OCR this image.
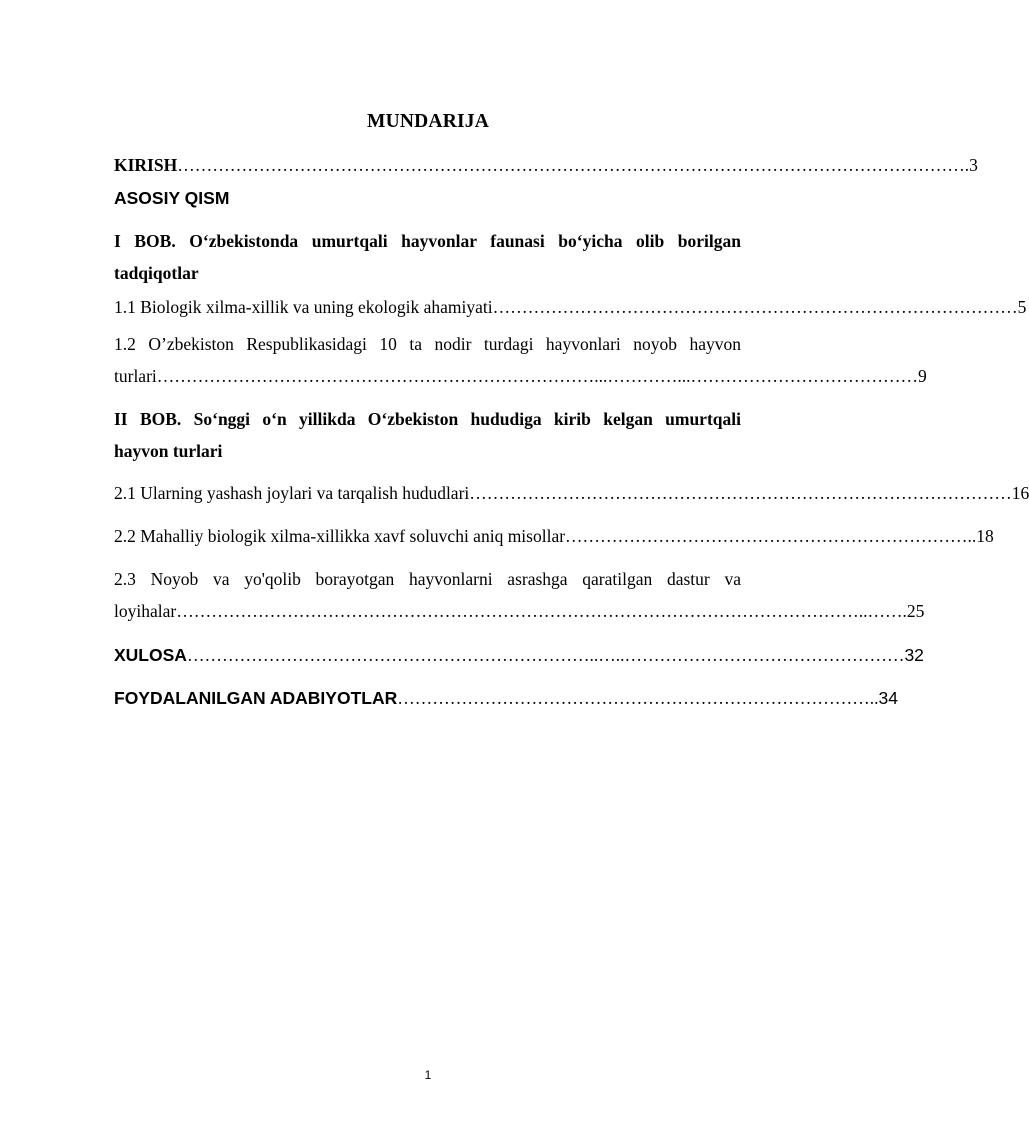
MUNDARIJA
KIRISH ………………………………………………………………………………………………………………………. 3
ASOSIY QISM
I BOB. O‘zbekistonda umurtqali hayvonlar faunasi bo‘yicha olib borilgan
tadqiqotlar
1.1 Biologik xilma-xillik va uning ekologik ahamiyati ……………………………………………………………………………… 5
1.2 O’zbekiston Respublikasidagi 10 ta nodir turdagi hayvonlari noyob hayvon
turlari …………………………………………………………………...…………...………………………………… 9
II BOB. So‘nggi o‘n yillikda O‘zbekiston hududiga kirib kelgan umurtqali
hayvon turlari
2.1 Ularning yashash joylari va tarqalish hududlari ………………………………………………………………………………… 16
2.2 Mahalliy biologik xilma-xillikka xavf soluvchi aniq misollar …………………………………………………………….. 18
2.3 Noyob va yo'qolib borayotgan hayvonlarni asrashga qaratilgan dastur va
loyihalar ………………………………………………………………………………………………………..……. 25
XULOSA ……………………………………………………………..…..………………………………………… 32
FOYDALANILGAN ADABIYOTLAR ……………………………………………………………………….. 34
1
